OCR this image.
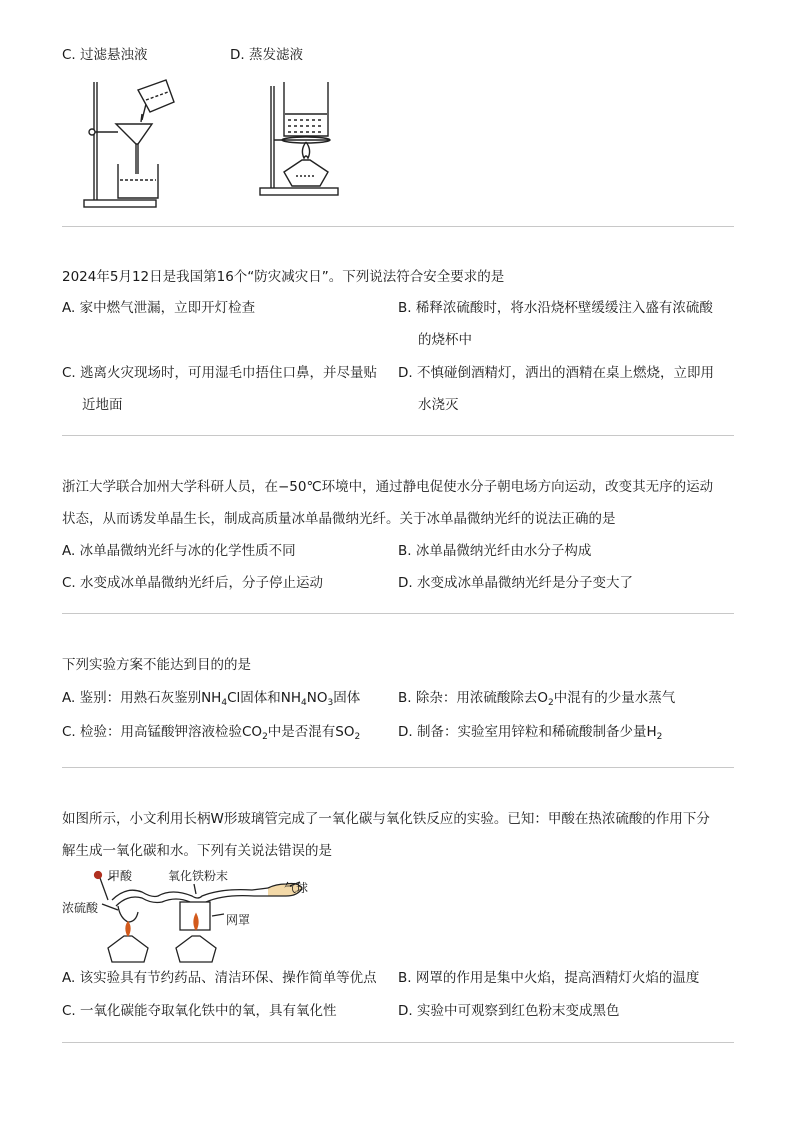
C. 过滤悬浊液	D. 蒸发滤液
2024年5月12日是我国第16个“防灾减灾日”。下列说法符合安全要求的是
A. 家中燃气泄漏，立即开灯检查	B. 稀释浓硫酸时，将水沿烧杯壁缓缓注入盛有浓硫酸
的烧杯中
C. 逃离火灾现场时，可用湿毛巾捂住口鼻，并尽量贴
近地面
D. 不慎碰倒酒精灯，洒出的酒精在桌上燃烧，立即用
水浇灭
浙江大学联合加州大学科研人员，在−50℃环境中，通过静电促使水分子朝电场方向运动，改变其无序的运动
状态，从而诱发单晶生长，制成高质量冰单晶微纳光纤。关于冰单晶微纳光纤的说法正确的是
A. 冰单晶微纳光纤与冰的化学性质不同	B. 冰单晶微纳光纤由水分子构成
C. 水变成冰单晶微纳光纤后，分子停止运动	D. 水变成冰单晶微纳光纤是分子变大了
下列实验方案不能达到目的的是
A. 鉴别：用熟石灰鉴别$NH_4Cl$固体和$NH_4NO_3$固体	B. 除杂：用浓硫酸除去$O_2$中混有的少量水蒸气
C. 检验：用高锰酸钾溶液检验$CO_2$中是否混有$SO_2$	D. 制备：实验室用锌粒和稀硫酸制备少量$H_2$
如图所示，小文利用长柄W形玻璃管完成了一氧化碳与氧化铁反应的实验。已知：甲酸在热浓硫酸的作用下分
解生成一氧化碳和水。下列有关说法错误的是
甲酸	氧化铁粉末
气球
浓硫酸
网罩
A. 该实验具有节约药品、清洁环保、操作简单等优点 B. 网罩的作用是集中火焰，提高酒精灯火焰的温度
C. 一氧化碳能夺取氧化铁中的氧，具有氧化性	D. 实验中可观察到红色粉末变成黑色
